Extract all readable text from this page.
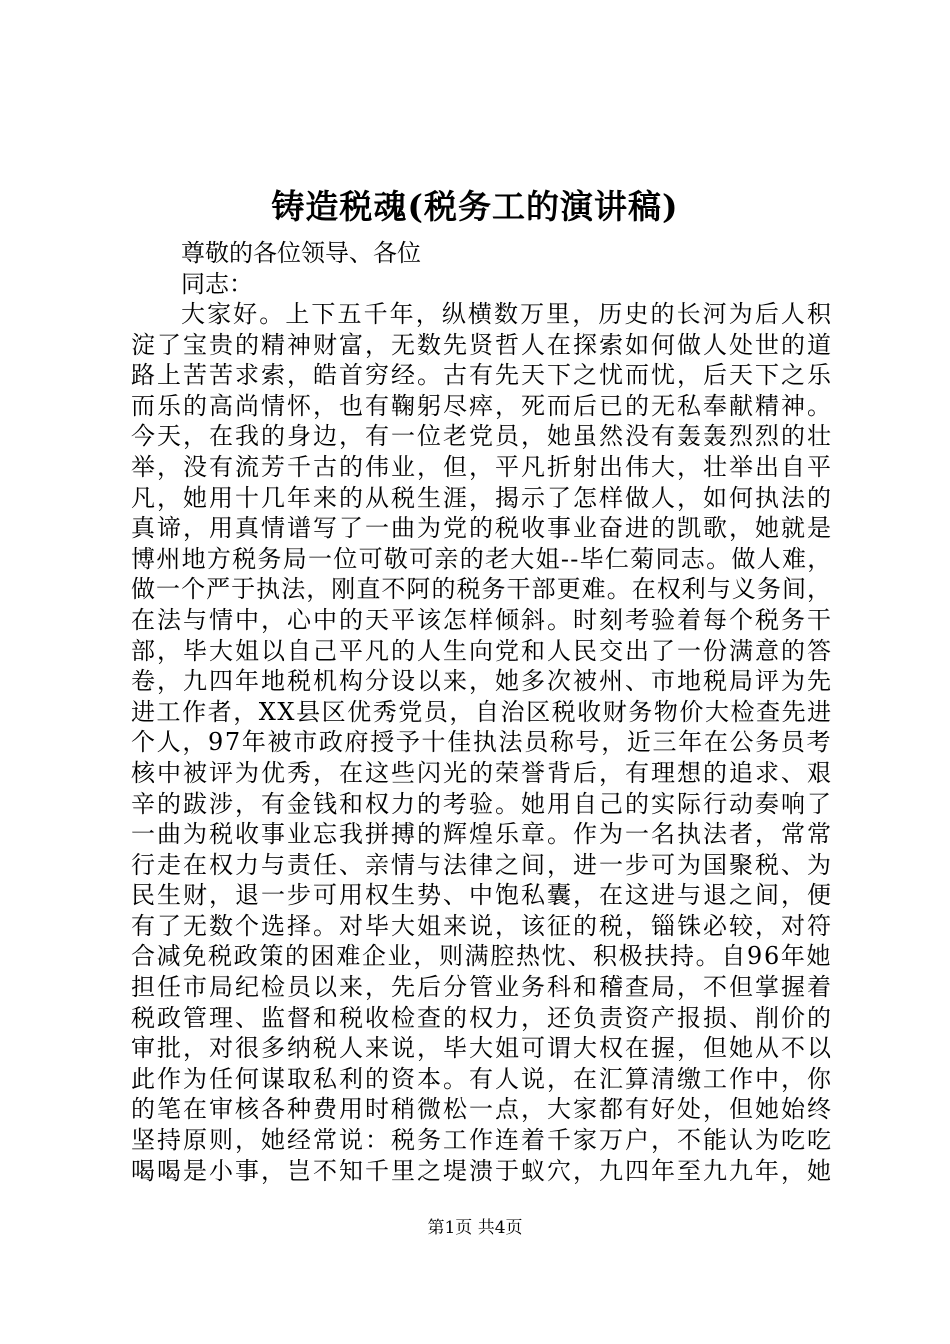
铸造税魂(税务工的演讲稿)
尊敬的各位领导、各位
同志：
大家好。上下五千年，纵横数万里，历史的长河为后人积
淀了宝贵的精神财富，无数先贤哲人在探索如何做人处世的道
路上苦苦求索，皓首穷经。古有先天下之忧而忧，后天下之乐
而乐的高尚情怀，也有鞠躬尽瘁，死而后已的无私奉献精神。
今天，在我的身边，有一位老党员，她虽然没有轰轰烈烈的壮
举，没有流芳千古的伟业，但，平凡折射出伟大，壮举出自平
凡，她用十几年来的从税生涯，揭示了怎样做人，如何执法的
真谛，用真情谱写了一曲为党的税收事业奋进的凯歌，她就是
博州地方税务局一位可敬可亲的老大姐--毕仁菊同志。做人难，
做一个严于执法，刚直不阿的税务干部更难。在权利与义务间，
在法与情中，心中的天平该怎样倾斜。时刻考验着每个税务干
部，毕大姐以自己平凡的人生向党和人民交出了一份满意的答
卷，九四年地税机构分设以来，她多次被州、市地税局评为先
进工作者，XX县区优秀党员，自治区税收财务物价大检查先进
个人，97年被市政府授予十佳执法员称号，近三年在公务员考
核中被评为优秀，在这些闪光的荣誉背后，有理想的追求、艰
辛的跋涉，有金钱和权力的考验。她用自己的实际行动奏响了
一曲为税收事业忘我拼搏的辉煌乐章。作为一名执法者，常常
行走在权力与责任、亲情与法律之间，进一步可为国聚税、为
民生财，退一步可用权生势、中饱私囊，在这进与退之间，便
有了无数个选择。对毕大姐来说，该征的税，锱铢必较，对符
合减免税政策的困难企业，则满腔热忱、积极扶持。自96年她
担任市局纪检员以来，先后分管业务科和稽查局，不但掌握着
税政管理、监督和税收检查的权力，还负责资产报损、削价的
审批，对很多纳税人来说，毕大姐可谓大权在握，但她从不以
此作为任何谋取私利的资本。有人说，在汇算清缴工作中，你
的笔在审核各种费用时稍微松一点，大家都有好处，但她始终
坚持原则，她经常说：税务工作连着千家万户，不能认为吃吃
喝喝是小事，岂不知千里之堤溃于蚁穴，九四年至九九年，她
第1页 共4页
